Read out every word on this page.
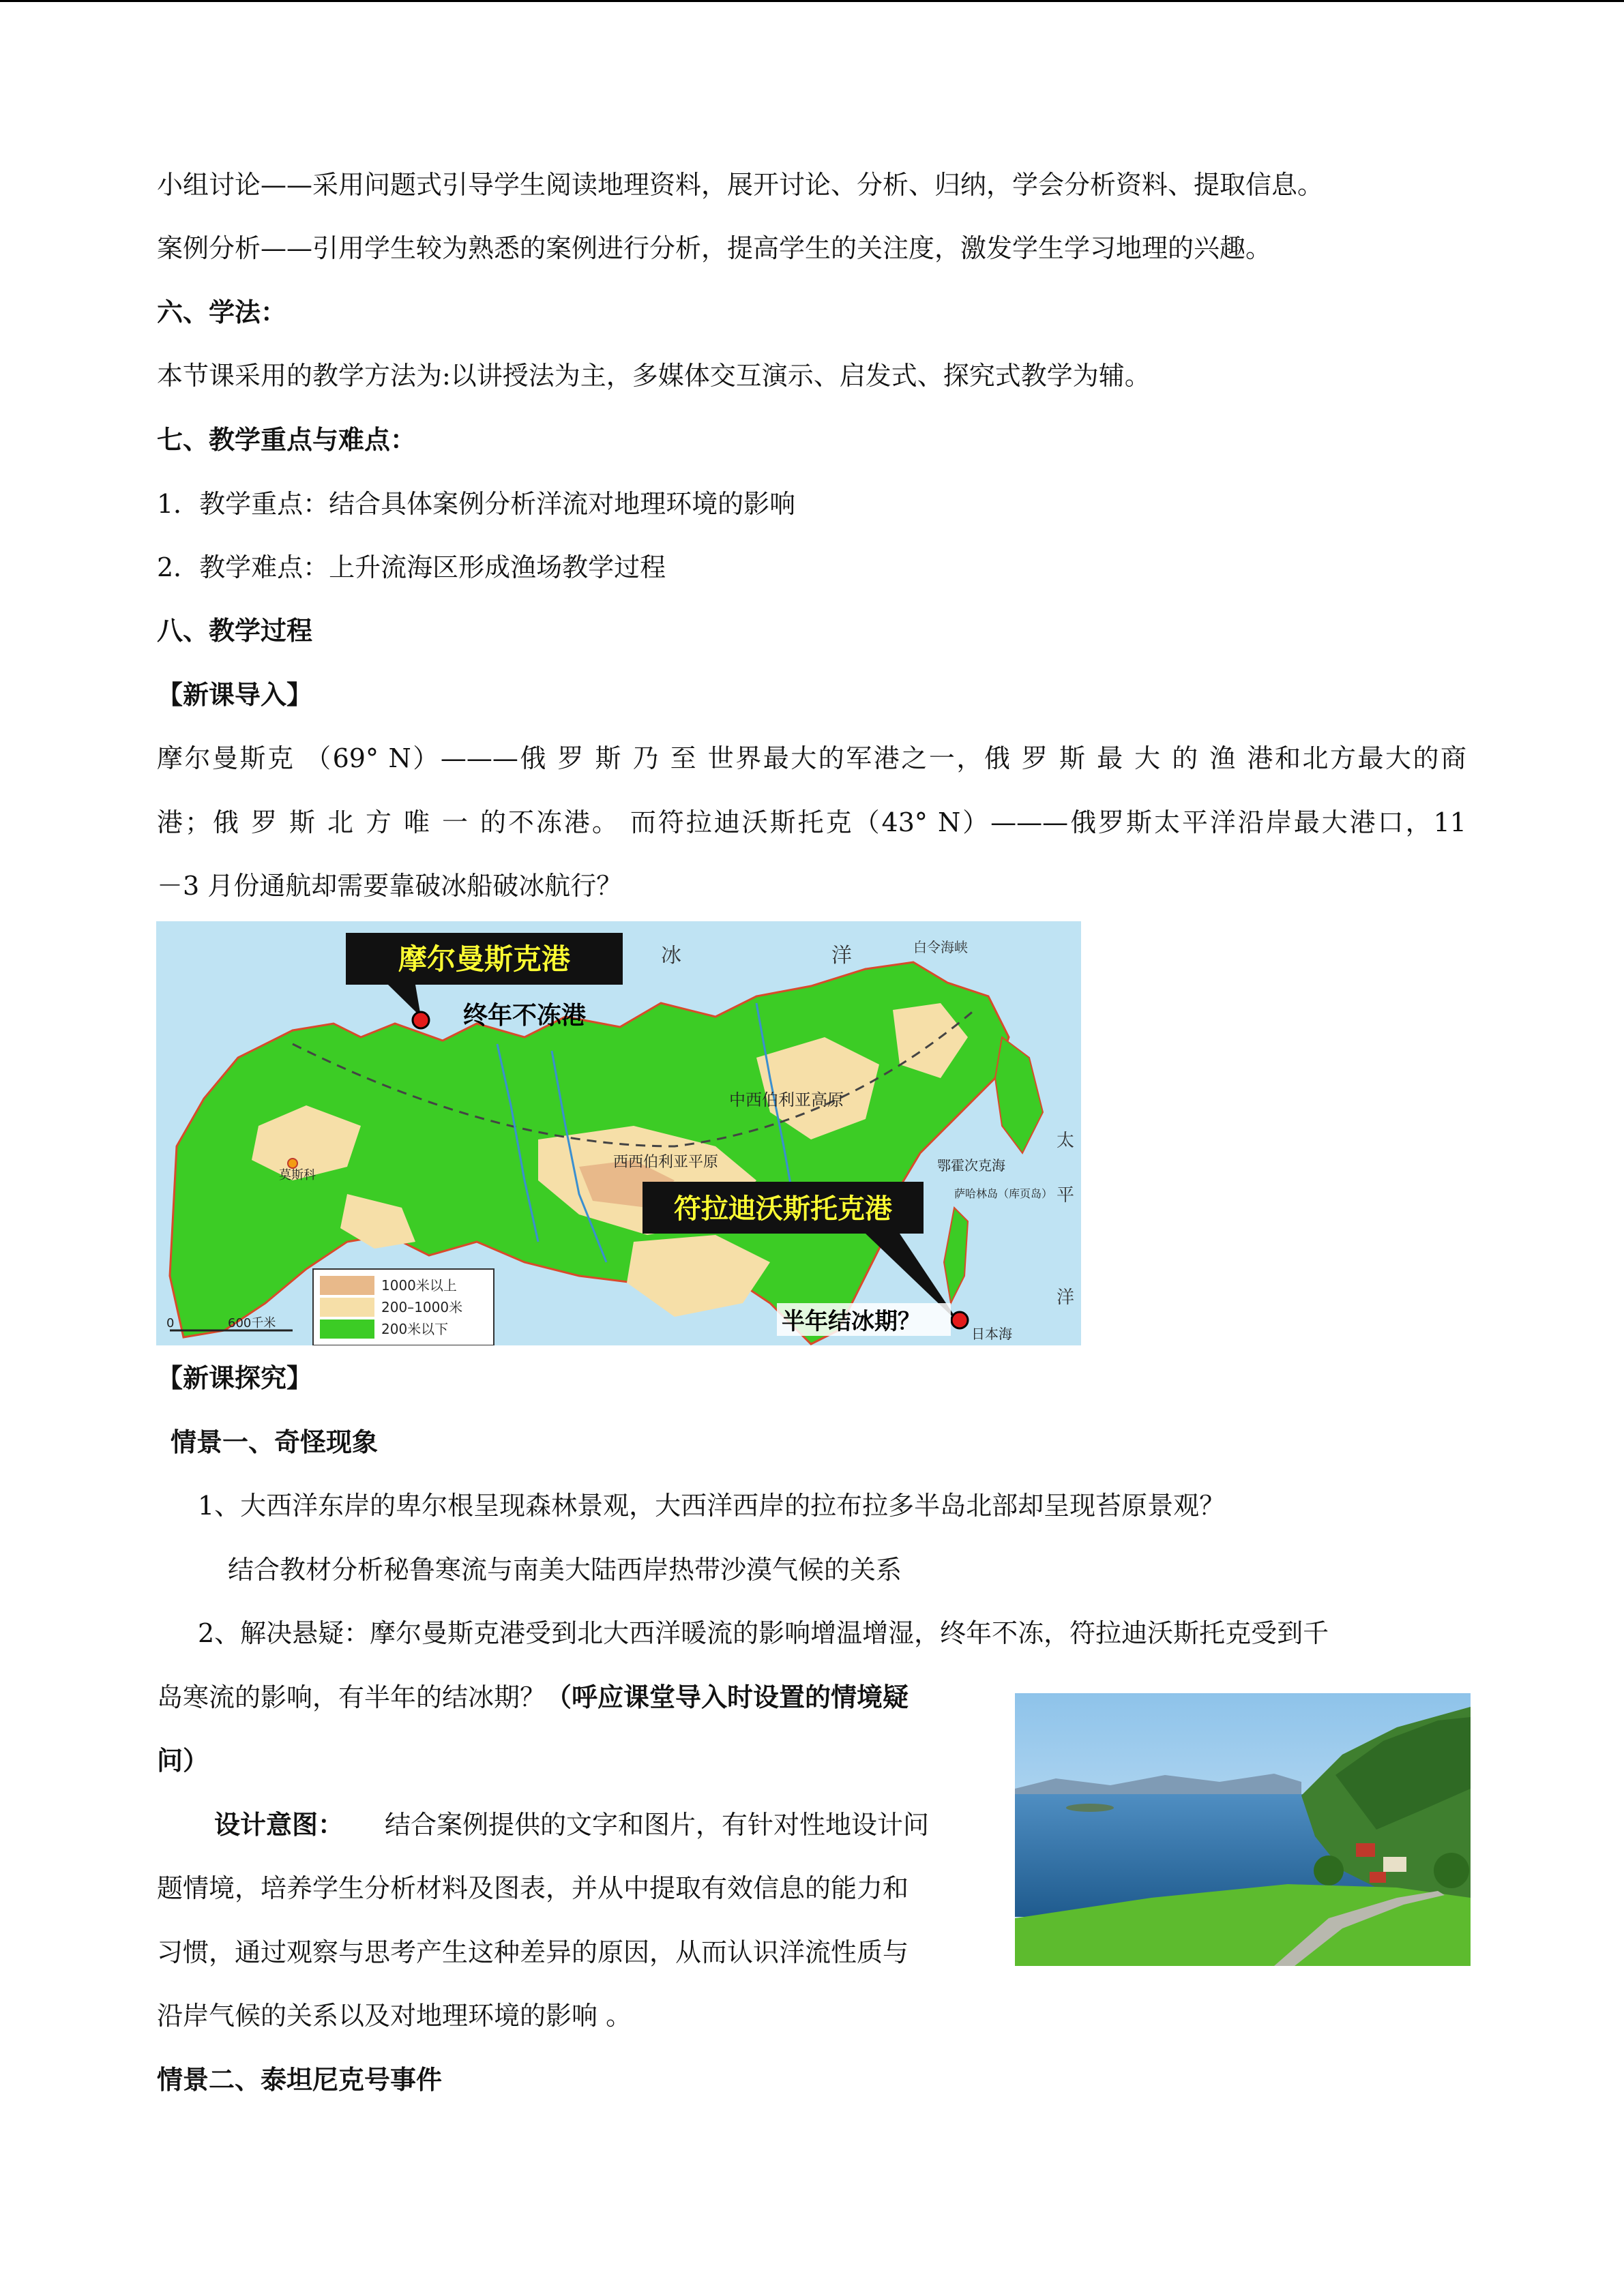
小组讨论——采用问题式引导学生阅读地理资料，展开讨论、分析、归纳，学会分析资料、提取信息。
案例分析——引用学生较为熟悉的案例进行分析，提高学生的关注度，激发学生学习地理的兴趣。
六、学法：
本节课采用的教学方法为:以讲授法为主，多媒体交互演示、启发式、探究式教学为辅。
七、教学重点与难点：
1．教学重点：结合具体案例分析洋流对地理环境的影响
2．教学难点：上升流海区形成渔场教学过程
八、教学过程
【新课导入】
摩尔曼斯克 （69° N）———俄 罗 斯 乃 至 世界最大的军港之一，俄 罗 斯 最 大 的 渔 港和北方最大的商
港；俄 罗 斯 北 方 唯 一 的不冻港。 而符拉迪沃斯托克（43° N）———俄罗斯太平洋沿岸最大港口，11
－3 月份通航却需要靠破冰船破冰航行？
冰	洋	白令海峡
西西伯利亚平原
中西伯利亚高原
鄂霍次克海
萨哈林岛（库页岛）
日本海
莫斯科
太
平
洋
摩尔曼斯克港
终年不冻港
符拉迪沃斯托克港
半年结冰期？
1000米以上
200–1000米
200米以下
0	600千米
【新课探究】
情景一、奇怪现象
1、大西洋东岸的卑尔根呈现森林景观，大西洋西岸的拉布拉多半岛北部却呈现苔原景观？
结合教材分析秘鲁寒流与南美大陆西岸热带沙漠气候的关系
2、解决悬疑：摩尔曼斯克港受到北大西洋暖流的影响增温增湿，终年不冻，符拉迪沃斯托克受到千
岛寒流的影响，有半年的结冰期？（呼应课堂导入时设置的情境疑
问）
设计意图： 结合案例提供的文字和图片，有针对性地设计问
题情境，培养学生分析材料及图表，并从中提取有效信息的能力和
习惯，通过观察与思考产生这种差异的原因，从而认识洋流性质与
沿岸气候的关系以及对地理环境的影响 。
情景二、泰坦尼克号事件
